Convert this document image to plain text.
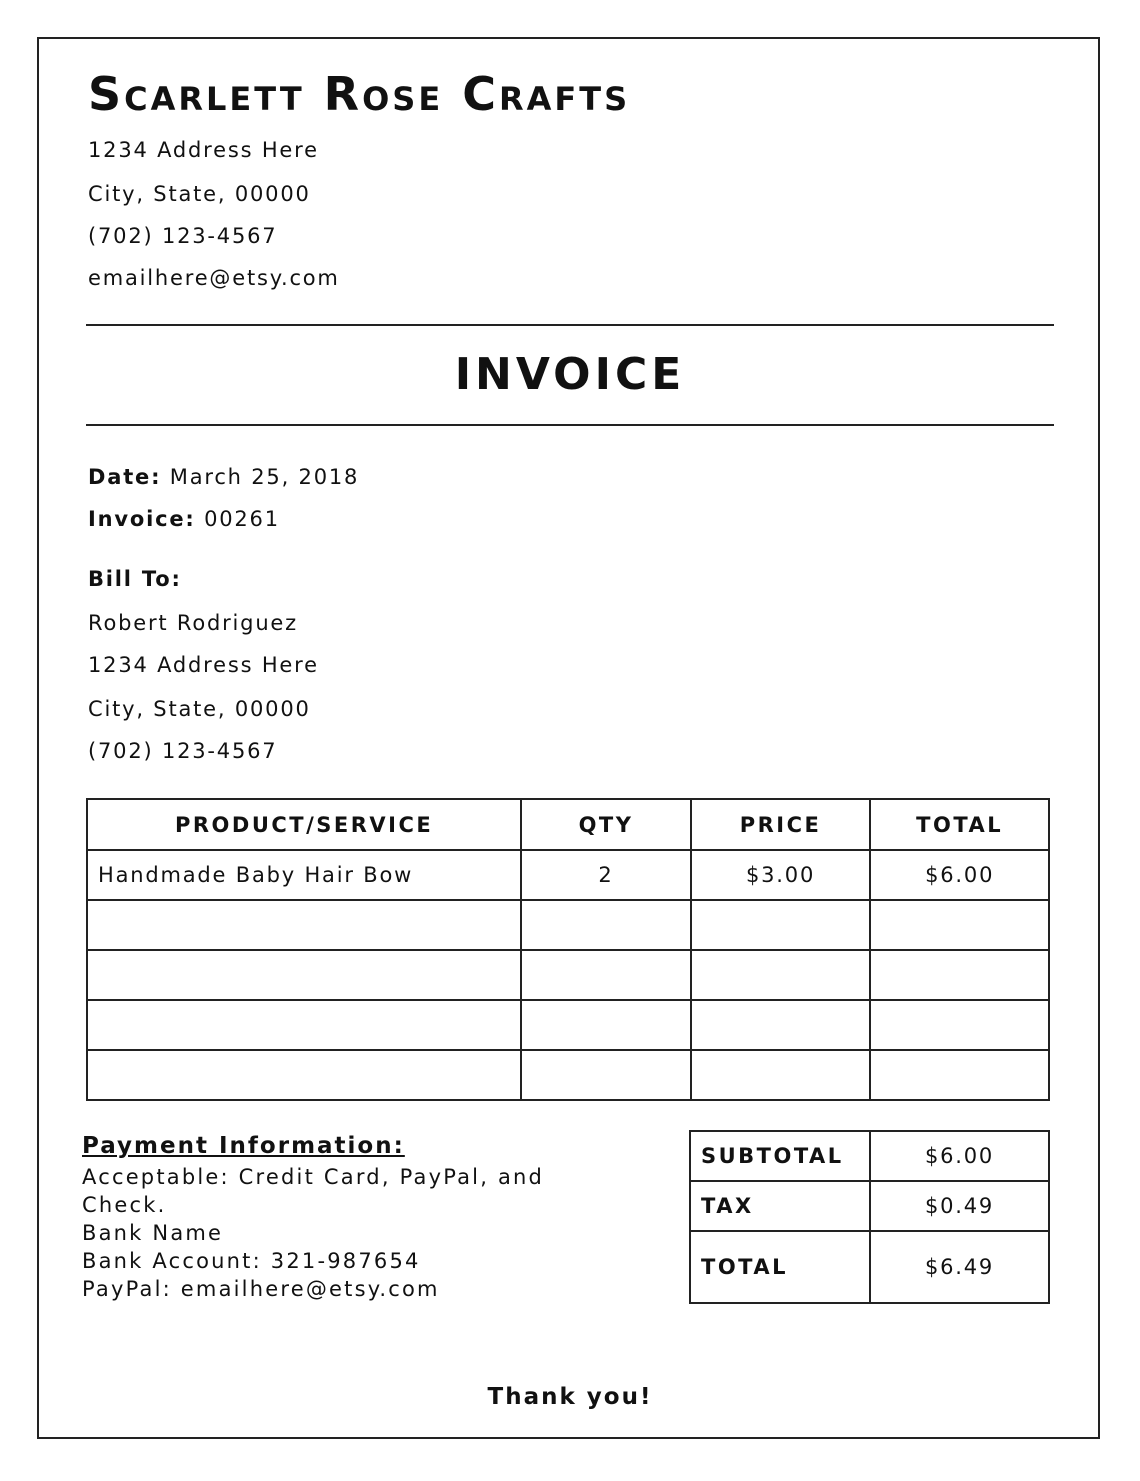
Scarlett Rose Crafts
1234 Address Here
City, State, 00000
(702) 123-4567
emailhere@etsy.com
INVOICE
Date: March 25, 2018
Invoice: 00261
Bill To:
Robert Rodriguez
1234 Address Here
City, State, 00000
(702) 123-4567
PRODUCT/SERVICE	QTY	PRICE	TOTAL
Handmade Baby Hair Bow	2	$3.00	$6.00

Payment Information:
Acceptable: Credit Card, PayPal, and
Check.
Bank Name
Bank Account: 321-987654
PayPal: emailhere@etsy.com
SUBTOTAL	$6.00
TAX	$0.49
TOTAL	$6.49
Thank you!
